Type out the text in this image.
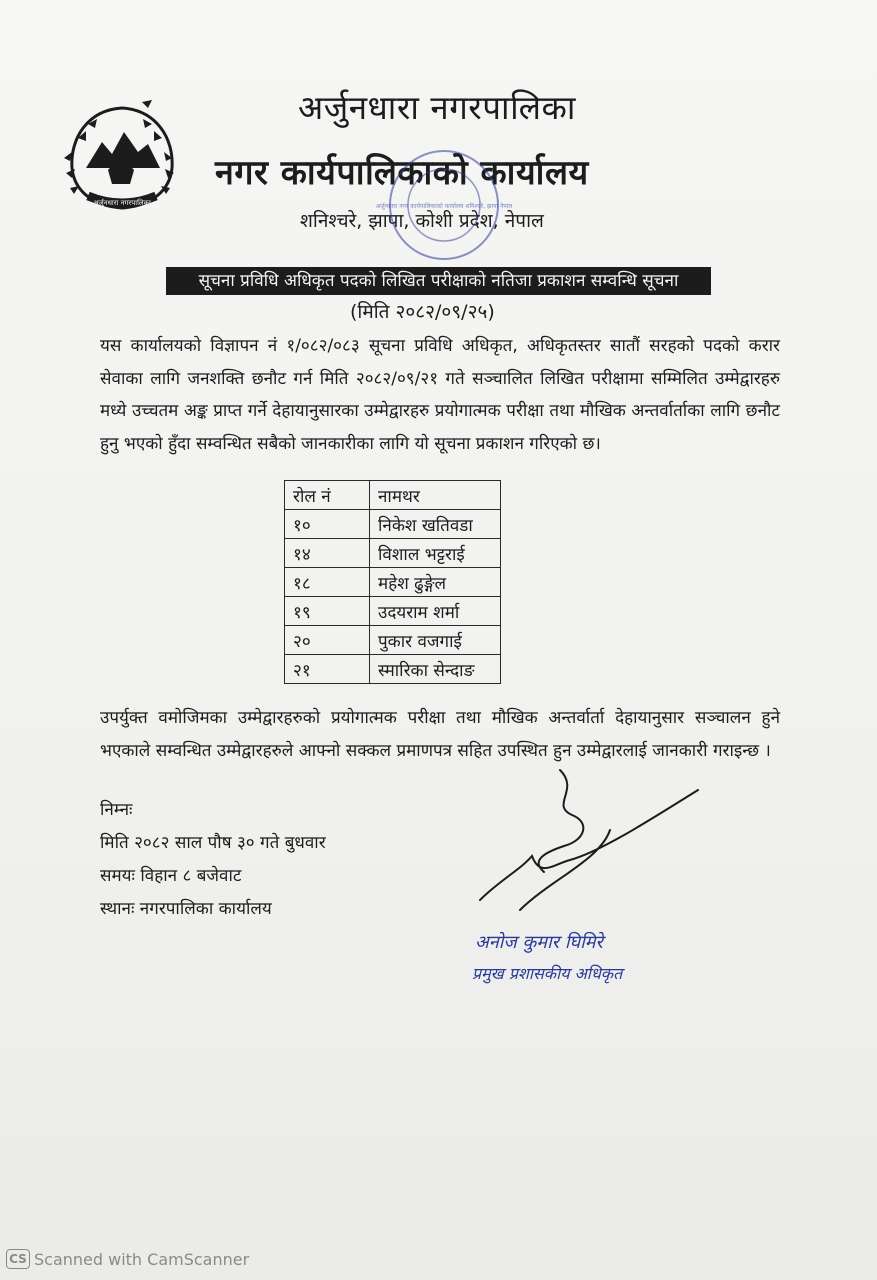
अर्जुनधारा नगरपालिका
अर्जुनधारा नगरपालिका
नगर कार्यपालिकाको कार्यालय
शनिश्चरे, झापा, कोशी प्रदेश, नेपाल
अर्जुनधारा नगर कार्यपालिकाको कार्यालय शनिश्चरे, झापा नेपाल
सूचना प्रविधि अधिकृत पदको लिखित परीक्षाको नतिजा प्रकाशन सम्वन्धि सूचना
(मिति २०८२/०९/२५)
यस कार्यालयको विज्ञापन नं १/०८२/०८३ सूचना प्रविधि अधिकृत, अधिकृतस्तर सातौं सरहको पदको करार सेवाका लागि जनशक्ति छनौट गर्न मिति २०८२/०९/२१ गते सञ्चालित लिखित परीक्षामा सम्मिलित उम्मेद्वारहरु मध्ये उच्चतम अङ्क प्राप्त गर्ने देहायानुसारका उम्मेद्वारहरु प्रयोगात्मक परीक्षा तथा मौखिक अन्तर्वार्ताका लागि छनौट हुनु भएको हुँदा सम्वन्धित सबैको जानकारीका लागि यो सूचना प्रकाशन गरिएको छ।
रोल नं	नामथर
१०	निकेश खतिवडा
१४	विशाल भट्टराई
१८	महेश ढुङ्गेल
१९	उदयराम शर्मा
२०	पुकार वजगाई
२१	स्मारिका सेन्दाङ
उपर्युक्त वमोजिमका उम्मेद्वारहरुको प्रयोगात्मक परीक्षा तथा मौखिक अन्तर्वार्ता देहायानुसार सञ्चालन हुने भएकाले सम्वन्धित उम्मेद्वारहरुले आफ्नो सक्कल प्रमाणपत्र सहित उपस्थित हुन उम्मेद्वारलाई जानकारी गराइन्छ ।
निम्नः
मिति २०८२ साल पौष ३० गते बुधवार
समयः विहान ८ बजेवाट
स्थानः नगरपालिका कार्यालय
अनोज कुमार घिमिरे
प्रमुख प्रशासकीय अधिकृत
CS Scanned with CamScanner
